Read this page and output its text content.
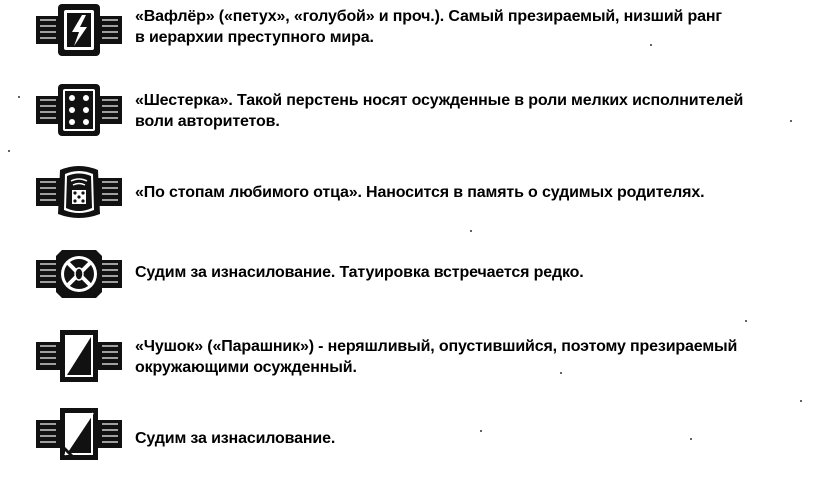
«Вафлёр» («петух», «голубой» и проч.). Самый презираемый, низший ранг
в иерархии преступного мира.
«Шестерка». Такой перстень носят осужденные в роли мелких исполнителей
воли авторитетов.
«По стопам любимого отца». Наносится в память о судимых родителях.
Судим за изнасилование. Татуировка встречается редко.
«Чушок» («Парашник») - неряшливый, опустившийся, поэтому презираемый
окружающими осужденный.
Судим за изнасилование.
